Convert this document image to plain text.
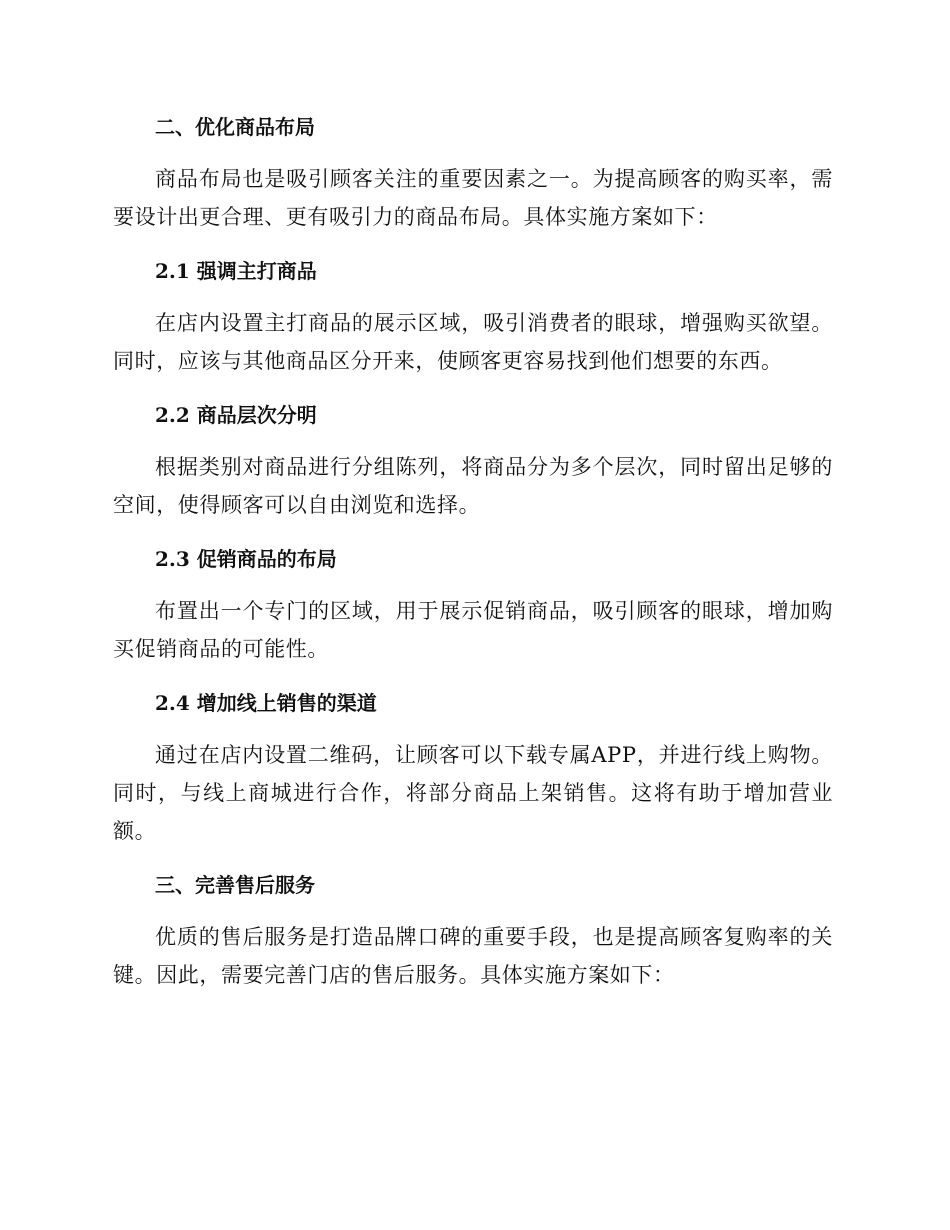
二、优化商品布局

商品布局也是吸引顾客关注的重要因素之一。为提高顾客的购买率，需要设计出更合理、更有吸引力的商品布局。具体实施方案如下：

2.1 强调主打商品

在店内设置主打商品的展示区域，吸引消费者的眼球，增强购买欲望。同时，应该与其他商品区分开来，使顾客更容易找到他们想要的东西。

2.2 商品层次分明

根据类别对商品进行分组陈列，将商品分为多个层次，同时留出足够的空间，使得顾客可以自由浏览和选择。

2.3 促销商品的布局

布置出一个专门的区域，用于展示促销商品，吸引顾客的眼球，增加购买促销商品的可能性。

2.4 增加线上销售的渠道

通过在店内设置二维码，让顾客可以下载专属APP，并进行线上购物。同时，与线上商城进行合作，将部分商品上架销售。这将有助于增加营业额。

三、完善售后服务

优质的售后服务是打造品牌口碑的重要手段，也是提高顾客复购率的关键。因此，需要完善门店的售后服务。具体实施方案如下：
